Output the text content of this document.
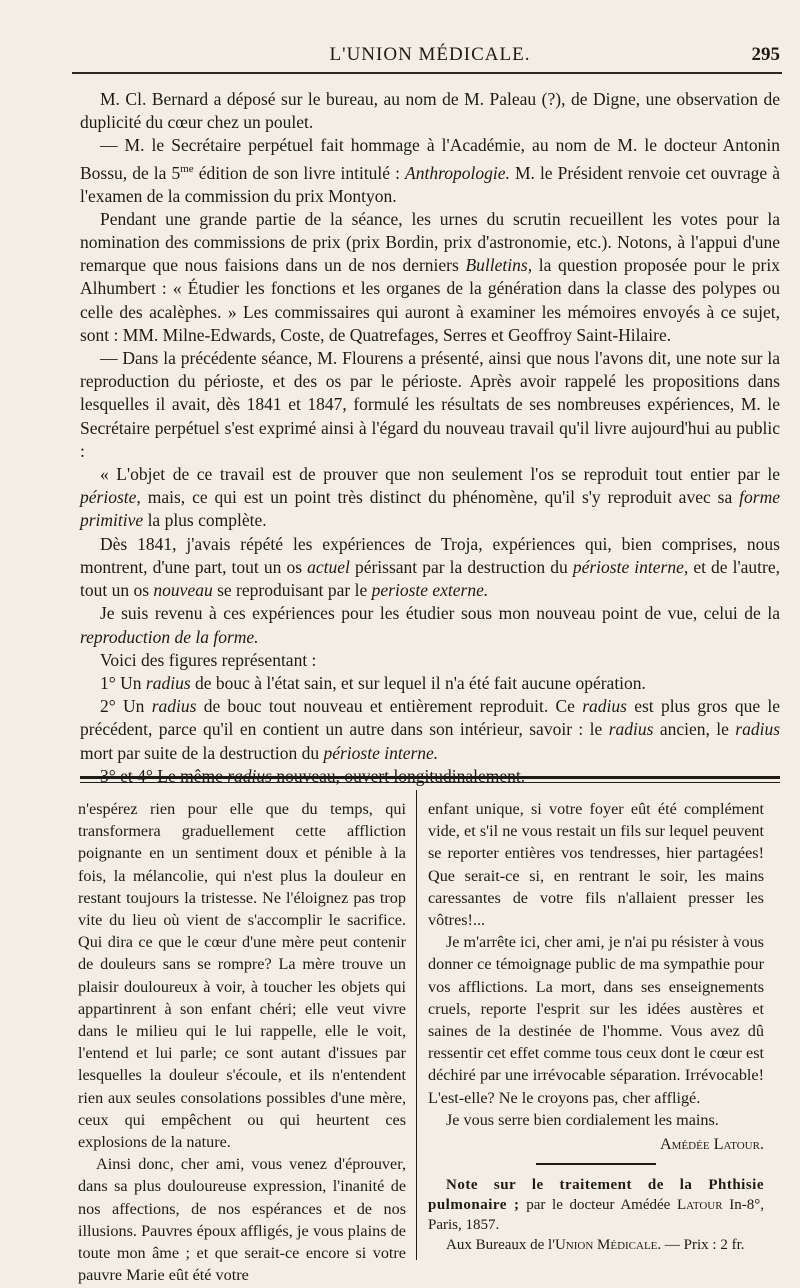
L'UNION MÉDICALE.	295

M. Cl. Bernard a déposé sur le bureau, au nom de M. Paleau (?), de Digne, une observation de duplicité du cœur chez un poulet.

— M. le Secrétaire perpétuel fait hommage à l'Académie, au nom de M. le docteur Antonin Bossu, de la $5^{me}$ édition de son livre intitulé : Anthropologie. M. le Président renvoie cet ouvrage à l'examen de la commission du prix Montyon.

Pendant une grande partie de la séance, les urnes du scrutin recueillent les votes pour la nomination des commissions de prix (prix Bordin, prix d'astronomie, etc.). Notons, à l'appui d'une remarque que nous faisions dans un de nos derniers Bulletins, la question proposée pour le prix Alhumbert : « Étudier les fonctions et les organes de la génération dans la classe des polypes ou celle des acalèphes. » Les commissaires qui auront à examiner les mémoires envoyés à ce sujet, sont : MM. Milne-Edwards, Coste, de Quatrefages, Serres et Geoffroy Saint-Hilaire.

— Dans la précédente séance, M. Flourens a présenté, ainsi que nous l'avons dit, une note sur la reproduction du périoste, et des os par le périoste. Après avoir rappelé les propositions dans lesquelles il avait, dès 1841 et 1847, formulé les résultats de ses nombreuses expériences, M. le Secrétaire perpétuel s'est exprimé ainsi à l'égard du nouveau travail qu'il livre aujourd'hui au public :

« L'objet de ce travail est de prouver que non seulement l'os se reproduit tout entier par le périoste, mais, ce qui est un point très distinct du phénomène, qu'il s'y reproduit avec sa forme primitive la plus complète.

Dès 1841, j'avais répété les expériences de Troja, expériences qui, bien comprises, nous montrent, d'une part, tout un os actuel périssant par la destruction du périoste interne, et de l'autre, tout un os nouveau se reproduisant par le perioste externe.

Je suis revenu à ces expériences pour les étudier sous mon nouveau point de vue, celui de la reproduction de la forme.

Voici des figures représentant :

1° Un radius de bouc à l'état sain, et sur lequel il n'a été fait aucune opération.

2° Un radius de bouc tout nouveau et entièrement reproduit. Ce radius est plus gros que le précédent, parce qu'il en contient un autre dans son intérieur, savoir : le radius ancien, le radius mort par suite de la destruction du périoste interne.

3° et 4° Le même radius nouveau, ouvert longitudinalement.

n'espérez rien pour elle que du temps, qui transformera graduellement cette affliction poignante en un sentiment doux et pénible à la fois, la mélancolie, qui n'est plus la douleur en restant toujours la tristesse. Ne l'éloignez pas trop vite du lieu où vient de s'accomplir le sacrifice. Qui dira ce que le cœur d'une mère peut contenir de douleurs sans se rompre? La mère trouve un plaisir douloureux à voir, à toucher les objets qui appartinrent à son enfant chéri; elle veut vivre dans le milieu qui le lui rappelle, elle le voit, l'entend et lui parle; ce sont autant d'issues par lesquelles la douleur s'écoule, et ils n'entendent rien aux seules consolations possibles d'une mère, ceux qui empêchent ou qui heurtent ces explosions de la nature.

Ainsi donc, cher ami, vous venez d'éprouver, dans sa plus douloureuse expression, l'inanité de nos affections, de nos espérances et de nos illusions. Pauvres époux affligés, je vous plains de toute mon âme ; et que serait-ce encore si votre pauvre Marie eût été votre

enfant unique, si votre foyer eût été complément vide, et s'il ne vous restait un fils sur lequel peuvent se reporter entières vos tendresses, hier partagées! Que serait-ce si, en rentrant le soir, les mains caressantes de votre fils n'allaient presser les vôtres!...

Je m'arrête ici, cher ami, je n'ai pu résister à vous donner ce témoignage public de ma sympathie pour vos afflictions. La mort, dans ses enseignements cruels, reporte l'esprit sur les idées austères et saines de la destinée de l'homme. Vous avez dû ressentir cet effet comme tous ceux dont le cœur est déchiré par une irrévocable séparation. Irrévocable! L'est-elle? Ne le croyons pas, cher affligé.

Je vous serre bien cordialement les mains.

Amédée Latour.

Note sur le traitement de la Phthisie pulmonaire ; par le docteur Amédée Latour In-8°, Paris, 1857.

Aux Bureaux de l'Union Médicale. — Prix : 2 fr.
